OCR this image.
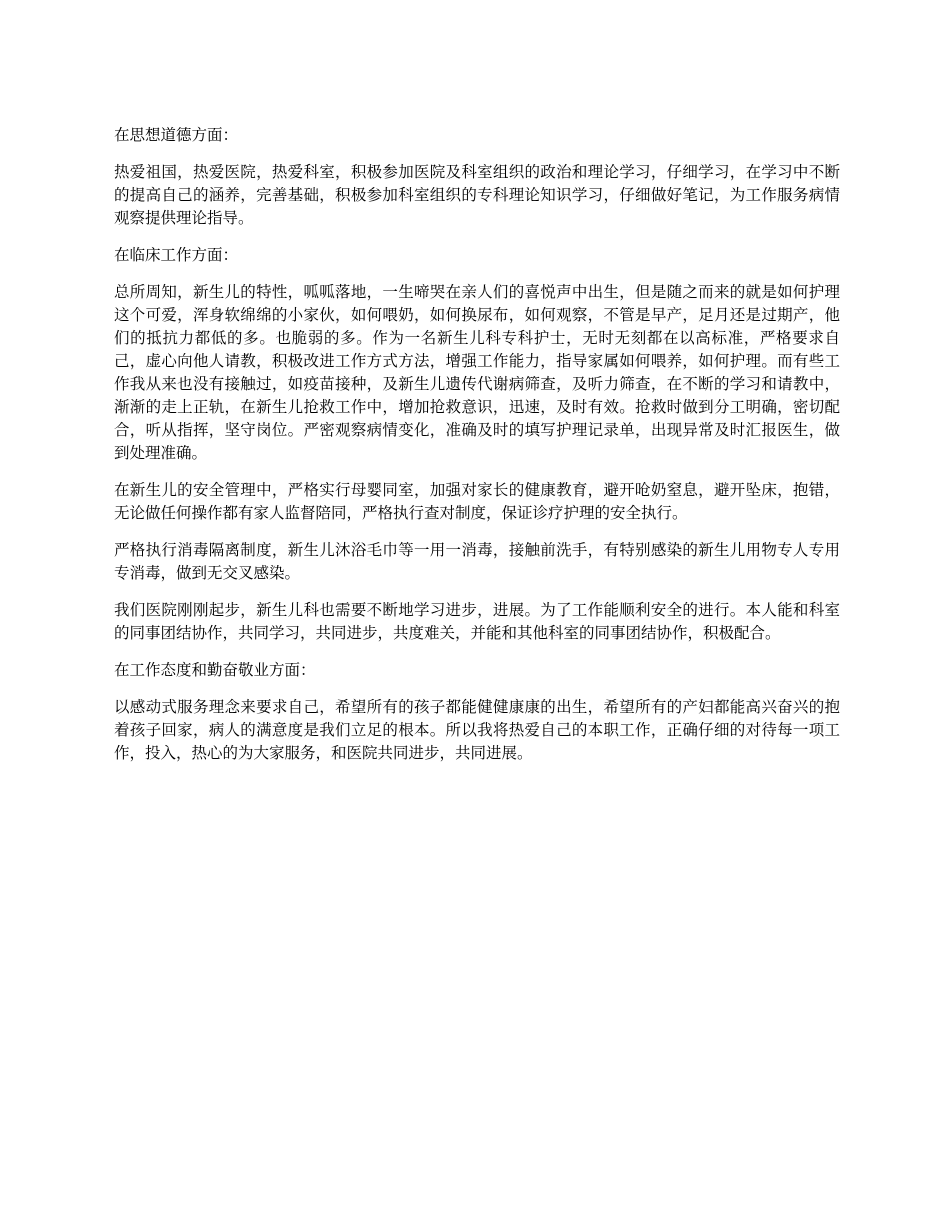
在思想道德方面：

热爱祖国，热爱医院，热爱科室，积极参加医院及科室组织的政治和理论学习，仔细学习，在学习中不断的提高自己的涵养，完善基础，积极参加科室组织的专科理论知识学习，仔细做好笔记，为工作服务病情观察提供理论指导。

在临床工作方面：

总所周知，新生儿的特性，呱呱落地，一生啼哭在亲人们的喜悦声中出生，但是随之而来的就是如何护理这个可爱，浑身软绵绵的小家伙，如何喂奶，如何换尿布，如何观察，不管是早产，足月还是过期产，他们的抵抗力都低的多。也脆弱的多。作为一名新生儿科专科护士，无时无刻都在以高标准，严格要求自己，虚心向他人请教，积极改进工作方式方法，增强工作能力，指导家属如何喂养，如何护理。而有些工作我从来也没有接触过，如疫苗接种，及新生儿遗传代谢病筛查，及听力筛查，在不断的学习和请教中，渐渐的走上正轨，在新生儿抢救工作中，增加抢救意识，迅速，及时有效。抢救时做到分工明确，密切配合，听从指挥，坚守岗位。严密观察病情变化，准确及时的填写护理记录单，出现异常及时汇报医生，做到处理准确。

在新生儿的安全管理中，严格实行母婴同室，加强对家长的健康教育，避开呛奶窒息，避开坠床，抱错，无论做任何操作都有家人监督陪同，严格执行查对制度，保证诊疗护理的安全执行。

严格执行消毒隔离制度，新生儿沐浴毛巾等一用一消毒，接触前洗手，有特别感染的新生儿用物专人专用专消毒，做到无交叉感染。

我们医院刚刚起步，新生儿科也需要不断地学习进步，进展。为了工作能顺利安全的进行。本人能和科室的同事团结协作，共同学习，共同进步，共度难关，并能和其他科室的同事团结协作，积极配合。

在工作态度和勤奋敬业方面：

以感动式服务理念来要求自己，希望所有的孩子都能健健康康的出生，希望所有的产妇都能高兴奋兴的抱着孩子回家，病人的满意度是我们立足的根本。所以我将热爱自己的本职工作，正确仔细的对待每一项工作，投入，热心的为大家服务，和医院共同进步，共同进展。
